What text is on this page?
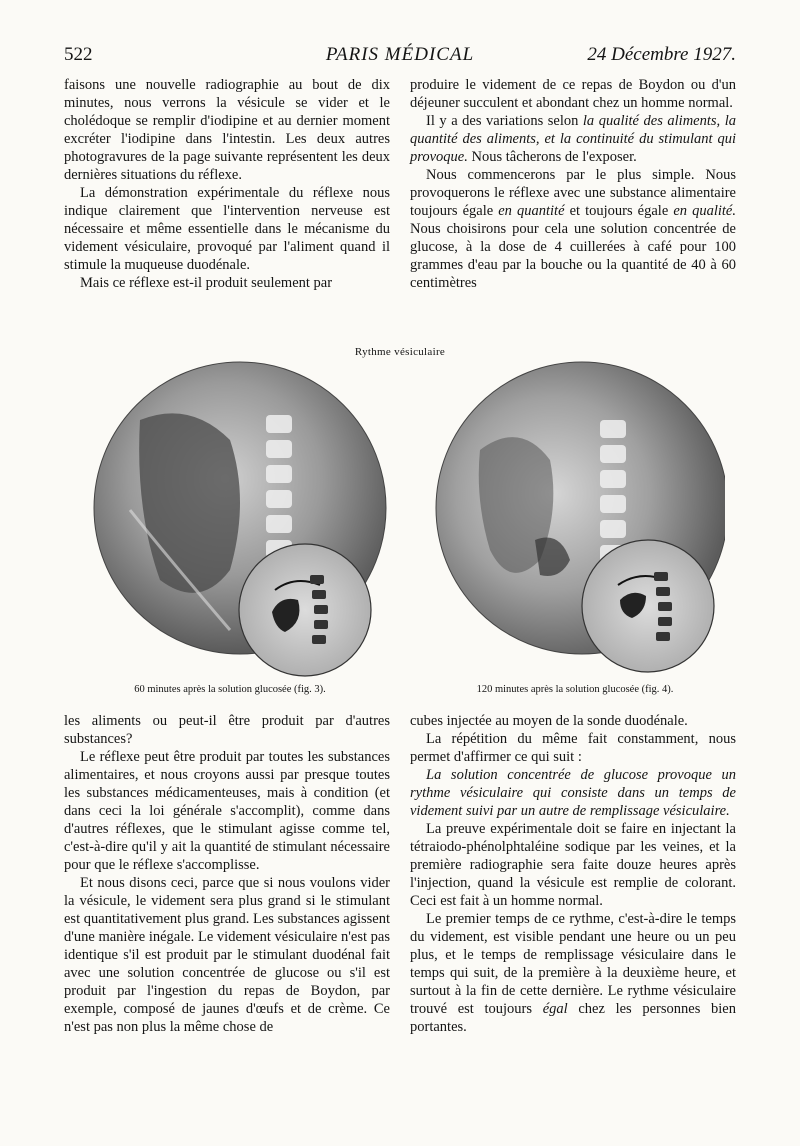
522	PARIS MÉDICAL	24 Décembre 1927.

faisons une nouvelle radiographie au bout de dix minutes, nous verrons la vésicule se vider et le cholédoque se remplir d'iodipine et au dernier moment excréter l'iodipine dans l'intestin. Les deux autres photogravures de la page suivante représentent les deux dernières situations du réflexe.

La démonstration expérimentale du réflexe nous indique clairement que l'intervention nerveuse est nécessaire et même essentielle dans le mécanisme du videment vésiculaire, provoqué par l'aliment quand il stimule la muqueuse duodénale.

Mais ce réflexe est-il produit seulement par

produire le videment de ce repas de Boydon ou d'un déjeuner succulent et abondant chez un homme normal.

Il y a des variations selon la qualité des aliments, la quantité des aliments, et la continuité du stimulant qui provoque. Nous tâcherons de l'exposer.

Nous commencerons par le plus simple. Nous provoquerons le réflexe avec une substance alimentaire toujours égale en quantité et toujours égale en qualité. Nous choisirons pour cela une solution concentrée de glucose, à la dose de 4 cuillerées à café pour 100 grammes d'eau par la bouche ou la quantité de 40 à 60 centimètres

Rythme vésiculaire
60 minutes après la solution glucosée (fig. 3).	120 minutes après la solution glucosée (fig. 4).

les aliments ou peut-il être produit par d'autres substances?

Le réflexe peut être produit par toutes les substances alimentaires, et nous croyons aussi par presque toutes les substances médicamenteuses, mais à condition (et dans ceci la loi générale s'accomplit), comme dans d'autres réflexes, que le stimulant agisse comme tel, c'est-à-dire qu'il y ait la quantité de stimulant nécessaire pour que le réflexe s'accomplisse.

Et nous disons ceci, parce que si nous voulons vider la vésicule, le videment sera plus grand si le stimulant est quantitativement plus grand. Les substances agissent d'une manière inégale. Le videment vésiculaire n'est pas identique s'il est produit par le stimulant duodénal fait avec une solution concentrée de glucose ou s'il est produit par l'ingestion du repas de Boydon, par exemple, composé de jaunes d'œufs et de crème. Ce n'est pas non plus la même chose de

cubes injectée au moyen de la sonde duodénale.

La répétition du même fait constamment, nous permet d'affirmer ce qui suit :

La solution concentrée de glucose provoque un rythme vésiculaire qui consiste dans un temps de videment suivi par un autre de remplissage vésiculaire.

La preuve expérimentale doit se faire en injectant la tétraiodo-phénolphtaléine sodique par les veines, et la première radiographie sera faite douze heures après l'injection, quand la vésicule est remplie de colorant. Ceci est fait à un homme normal.

Le premier temps de ce rythme, c'est-à-dire le temps du videment, est visible pendant une heure ou un peu plus, et le temps de remplissage vésiculaire dans le temps qui suit, de la première à la deuxième heure, et surtout à la fin de cette dernière. Le rythme vésiculaire trouvé est toujours égal chez les personnes bien portantes.
